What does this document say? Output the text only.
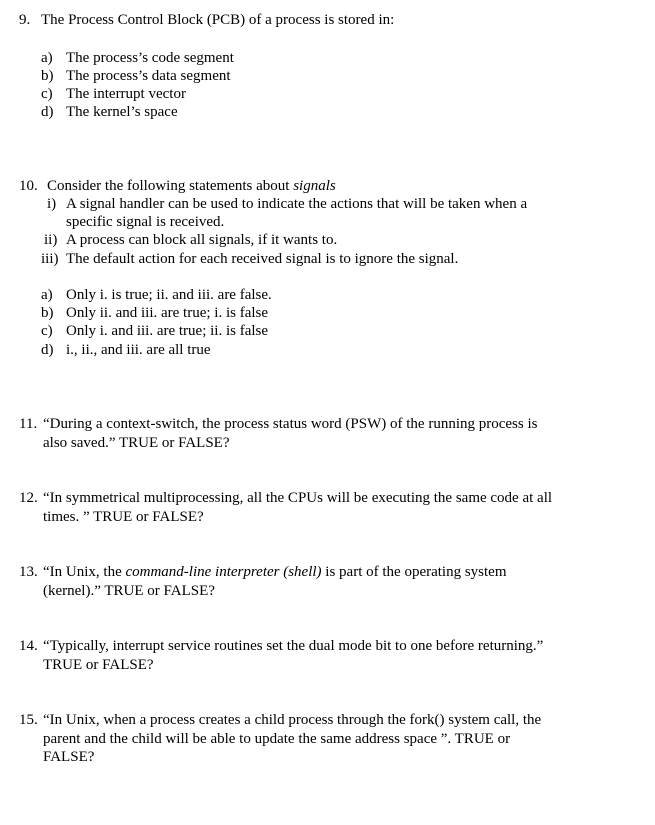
9. The Process Control Block (PCB) of a process is stored in:
a) The process’s code segment
b) The process’s data segment
c) The interrupt vector
d) The kernel’s space
10. Consider the following statements about signals
i) A signal handler can be used to indicate the actions that will be taken when a
specific signal is received.
ii) A process can block all signals, if it wants to.
iii) The default action for each received signal is to ignore the signal.
a) Only i. is true; ii. and iii. are false.
b) Only ii. and iii. are true; i. is false
c) Only i. and iii. are true; ii. is false
d) i., ii., and iii. are all true
11. “During a context-switch, the process status word (PSW) of the running process is
also saved.” TRUE or FALSE?
12. “In symmetrical multiprocessing, all the CPUs will be executing the same code at all
times. ” TRUE or FALSE?
13. “In Unix, the command-line interpreter (shell) is part of the operating system
(kernel).” TRUE or FALSE?
14. “Typically, interrupt service routines set the dual mode bit to one before returning.”
TRUE or FALSE?
15. “In Unix, when a process creates a child process through the fork() system call, the
parent and the child will be able to update the same address space ”. TRUE or
FALSE?
